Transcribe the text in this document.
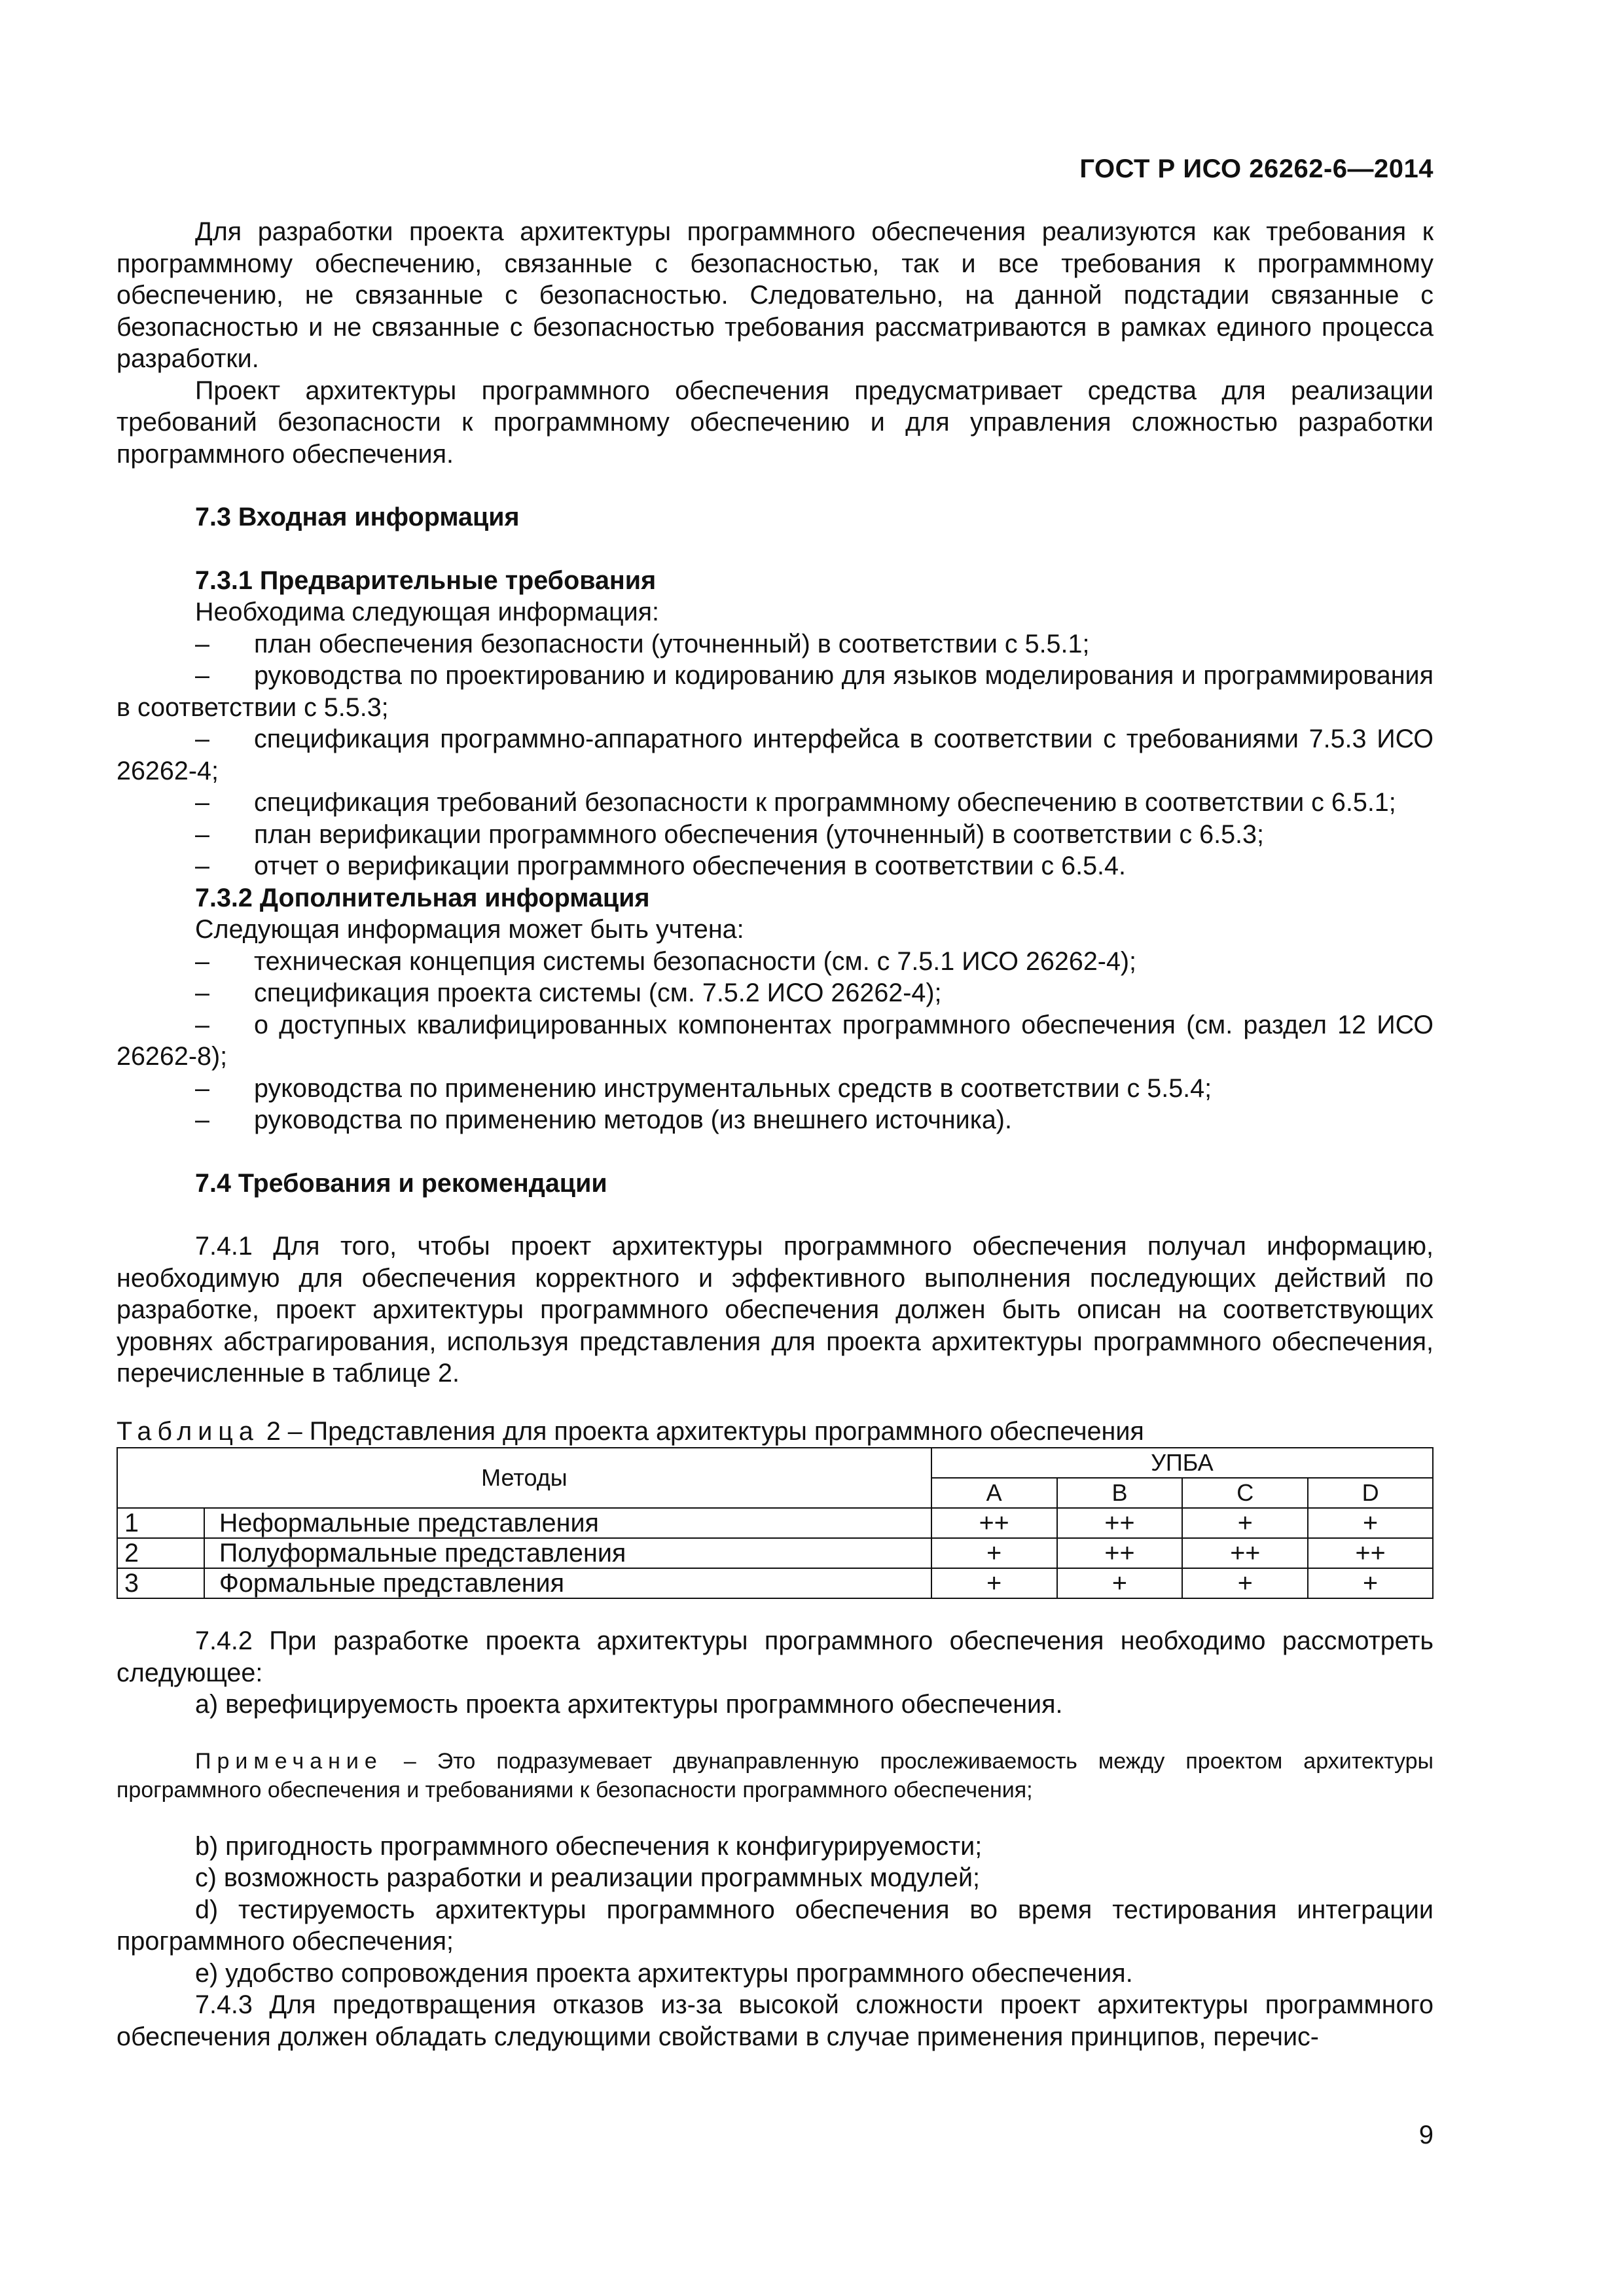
ГОСТ Р ИСО 26262-6—2014

Для разработки проекта архитектуры программного обеспечения реализуются как требования к программному обеспечению, связанные с безопасностью, так и все требования к программному обеспечению, не связанные с безопасностью. Следовательно, на данной подстадии связанные с безопасностью и не связанные с безопасностью требования рассматриваются в рамках единого процесса разработки.

Проект архитектуры программного обеспечения предусматривает средства для реализации требований безопасности к программному обеспечению и для управления сложностью разработки программного обеспечения.

7.3 Входная информация

7.3.1 Предварительные требования

Необходима следующая информация:

– план обеспечения безопасности (уточненный) в соответствии с 5.5.1;

– руководства по проектированию и кодированию для языков моделирования и программирования в соответствии с 5.5.3;

– спецификация программно-аппаратного интерфейса в соответствии с требованиями 7.5.3 ИСО 26262-4;

– спецификация требований безопасности к программному обеспечению в соответствии с 6.5.1;

– план верификации программного обеспечения (уточненный) в соответствии с 6.5.3;

– отчет о верификации программного обеспечения в соответствии с 6.5.4.

7.3.2 Дополнительная информация

Следующая информация может быть учтена:

– техническая концепция системы безопасности (см. с 7.5.1 ИСО 26262-4);

– спецификация проекта системы (см. 7.5.2 ИСО 26262-4);

– о доступных квалифицированных компонентах программного обеспечения (см. раздел 12 ИСО 26262-8);

– руководства по применению инструментальных средств в соответствии с 5.5.4;

– руководства по применению методов (из внешнего источника).

7.4 Требования и рекомендации

7.4.1 Для того, чтобы проект архитектуры программного обеспечения получал информацию, необходимую для обеспечения корректного и эффективного выполнения последующих действий по разработке, проект архитектуры программного обеспечения должен быть описан на соответствующих уровнях абстрагирования, используя представления для проекта архитектуры программного обеспечения, перечисленные в таблице 2.

Таблица 2 – Представления для проекта архитектуры программного обеспечения

Методы		УПБА			
		A	B	C	D
1	Неформальные представления	++	++	+	+
2	Полуформальные представления	+	++	++	++
3	Формальные представления	+	+	+	+

7.4.2 При разработке проекта архитектуры программного обеспечения необходимо рассмотреть следующее:

а) верефицируемость проекта архитектуры программного обеспечения.

Примечание – Это подразумевает двунаправленную прослеживаемость между проектом архитектуры программного обеспечения и требованиями к безопасности программного обеспечения;

b) пригодность программного обеспечения к конфигурируемости;

c) возможность разработки и реализации программных модулей;

d) тестируемость архитектуры программного обеспечения во время тестирования интеграции программного обеспечения;

e) удобство сопровождения проекта архитектуры программного обеспечения.

7.4.3 Для предотвращения отказов из-за высокой сложности проект архитектуры программного обеспечения должен обладать следующими свойствами в случае применения принципов, перечис-

9
